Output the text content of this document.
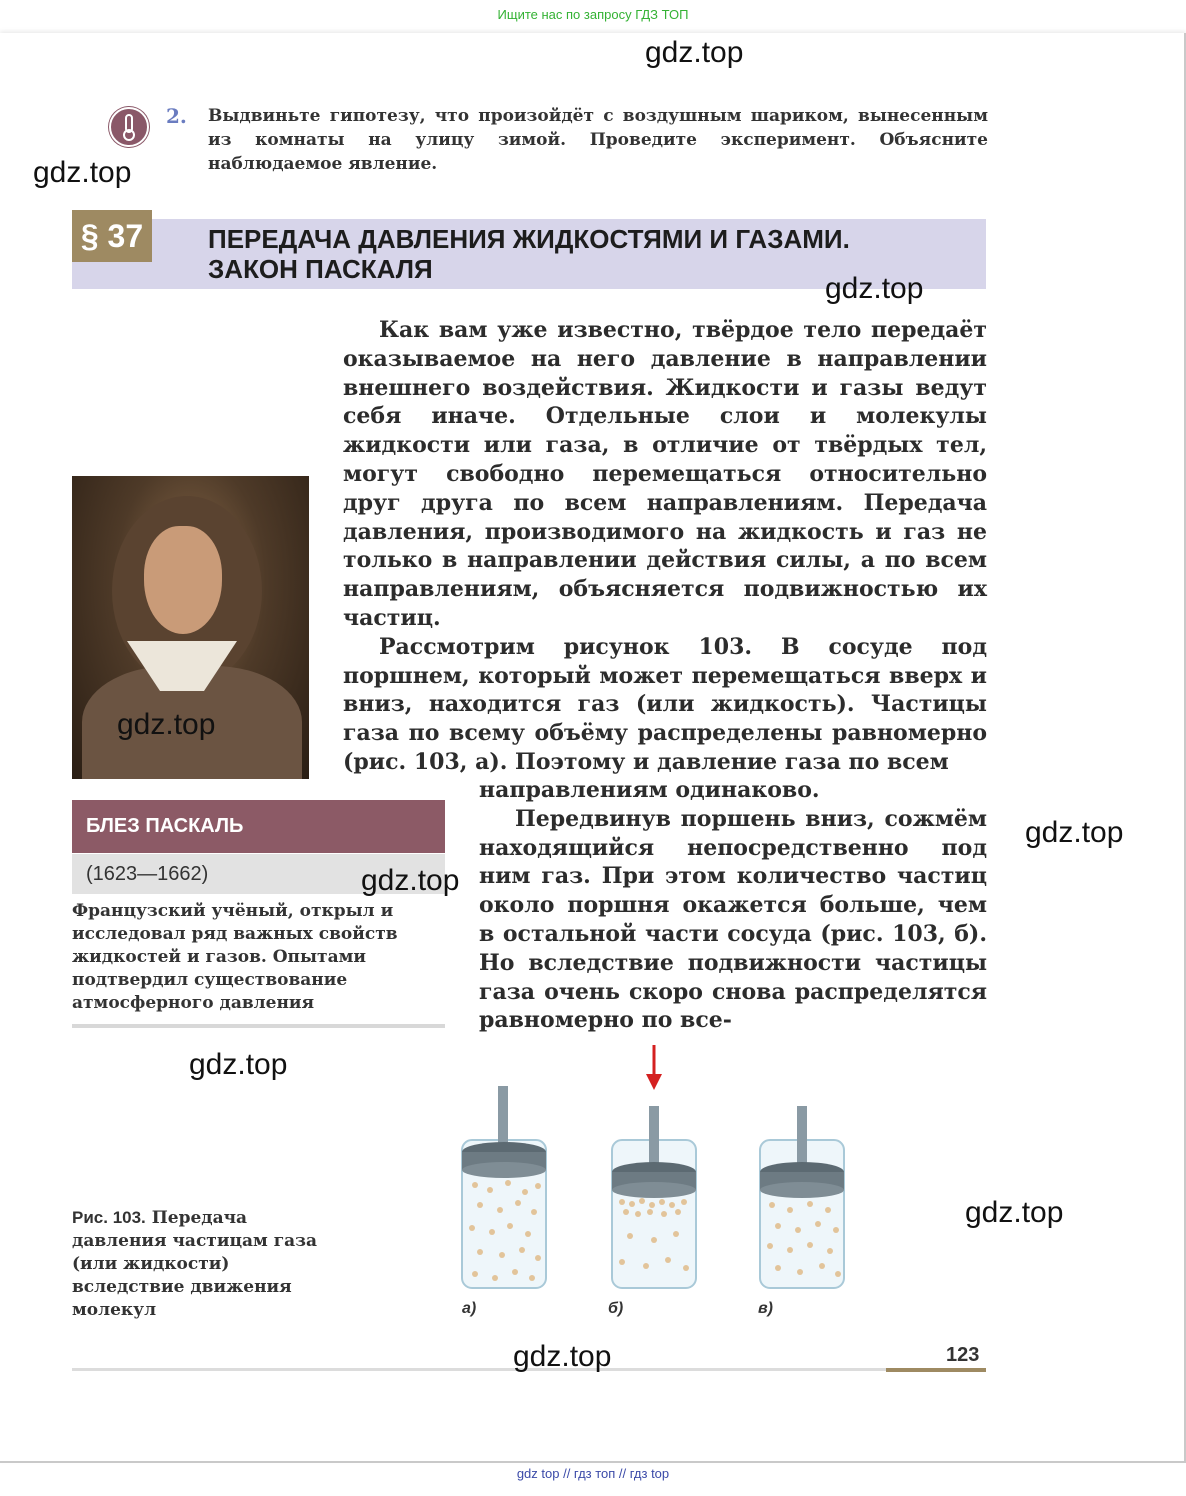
Ищите нас по запросу ГДЗ ТОП
2. Выдвиньте гипотезу, что произойдёт с воздушным шариком, вынесенным из комнаты на улицу зимой. Проведите эксперимент. Объясните наблюдаемое явление.
§ 37	ПЕРЕДАЧА ДАВЛЕНИЯ ЖИДКОСТЯМИ И ГАЗАМИ.
ЗАКОН ПАСКАЛЯ

Как вам уже известно, твёрдое тело передаёт оказываемое на него давление в направлении внешнего воздействия. Жидкости и газы ведут себя иначе. Отдельные слои и молекулы жидкости или газа, в отличие от твёрдых тел, могут свободно перемещаться относительно друг друга по всем направлениям. Передача давления, производимого на жидкость и газ не только в направлении действия силы, а по всем направлениям, объясняется подвижностью их частиц.

Рассмотрим рисунок 103. В сосуде под поршнем, который может перемещаться вверх и вниз, находится газ (или жидкость). Частицы газа по всему объёму распределены равномерно (рис. 103, а). Поэтому и давление газа по всем

направлениям одинаково.

Передвинув поршень вниз, сожмём находящийся непосредственно под ним газ. При этом количество частиц около поршня окажется больше, чем в остальной части сосуда (рис. 103, б). Но вследствие подвижности частицы газа очень скоро снова распределятся равномерно по все-

БЛЕЗ ПАСКАЛЬ
(1623—1662)
Французский учёный, открыл и исследовал ряд важных свойств жидкостей и газов. Опытами подтвердил существование атмосферного давления
Рис. 103. Передача давления частицам газа (или жидкости) вследствие движения молекул	а)	б)	в)
123
gdz.top
gdz.top
gdz.top
gdz.top
gdz.top
gdz.top
gdz.top
gdz.top
gdz.top
gdz top // гдз топ // гдз top
